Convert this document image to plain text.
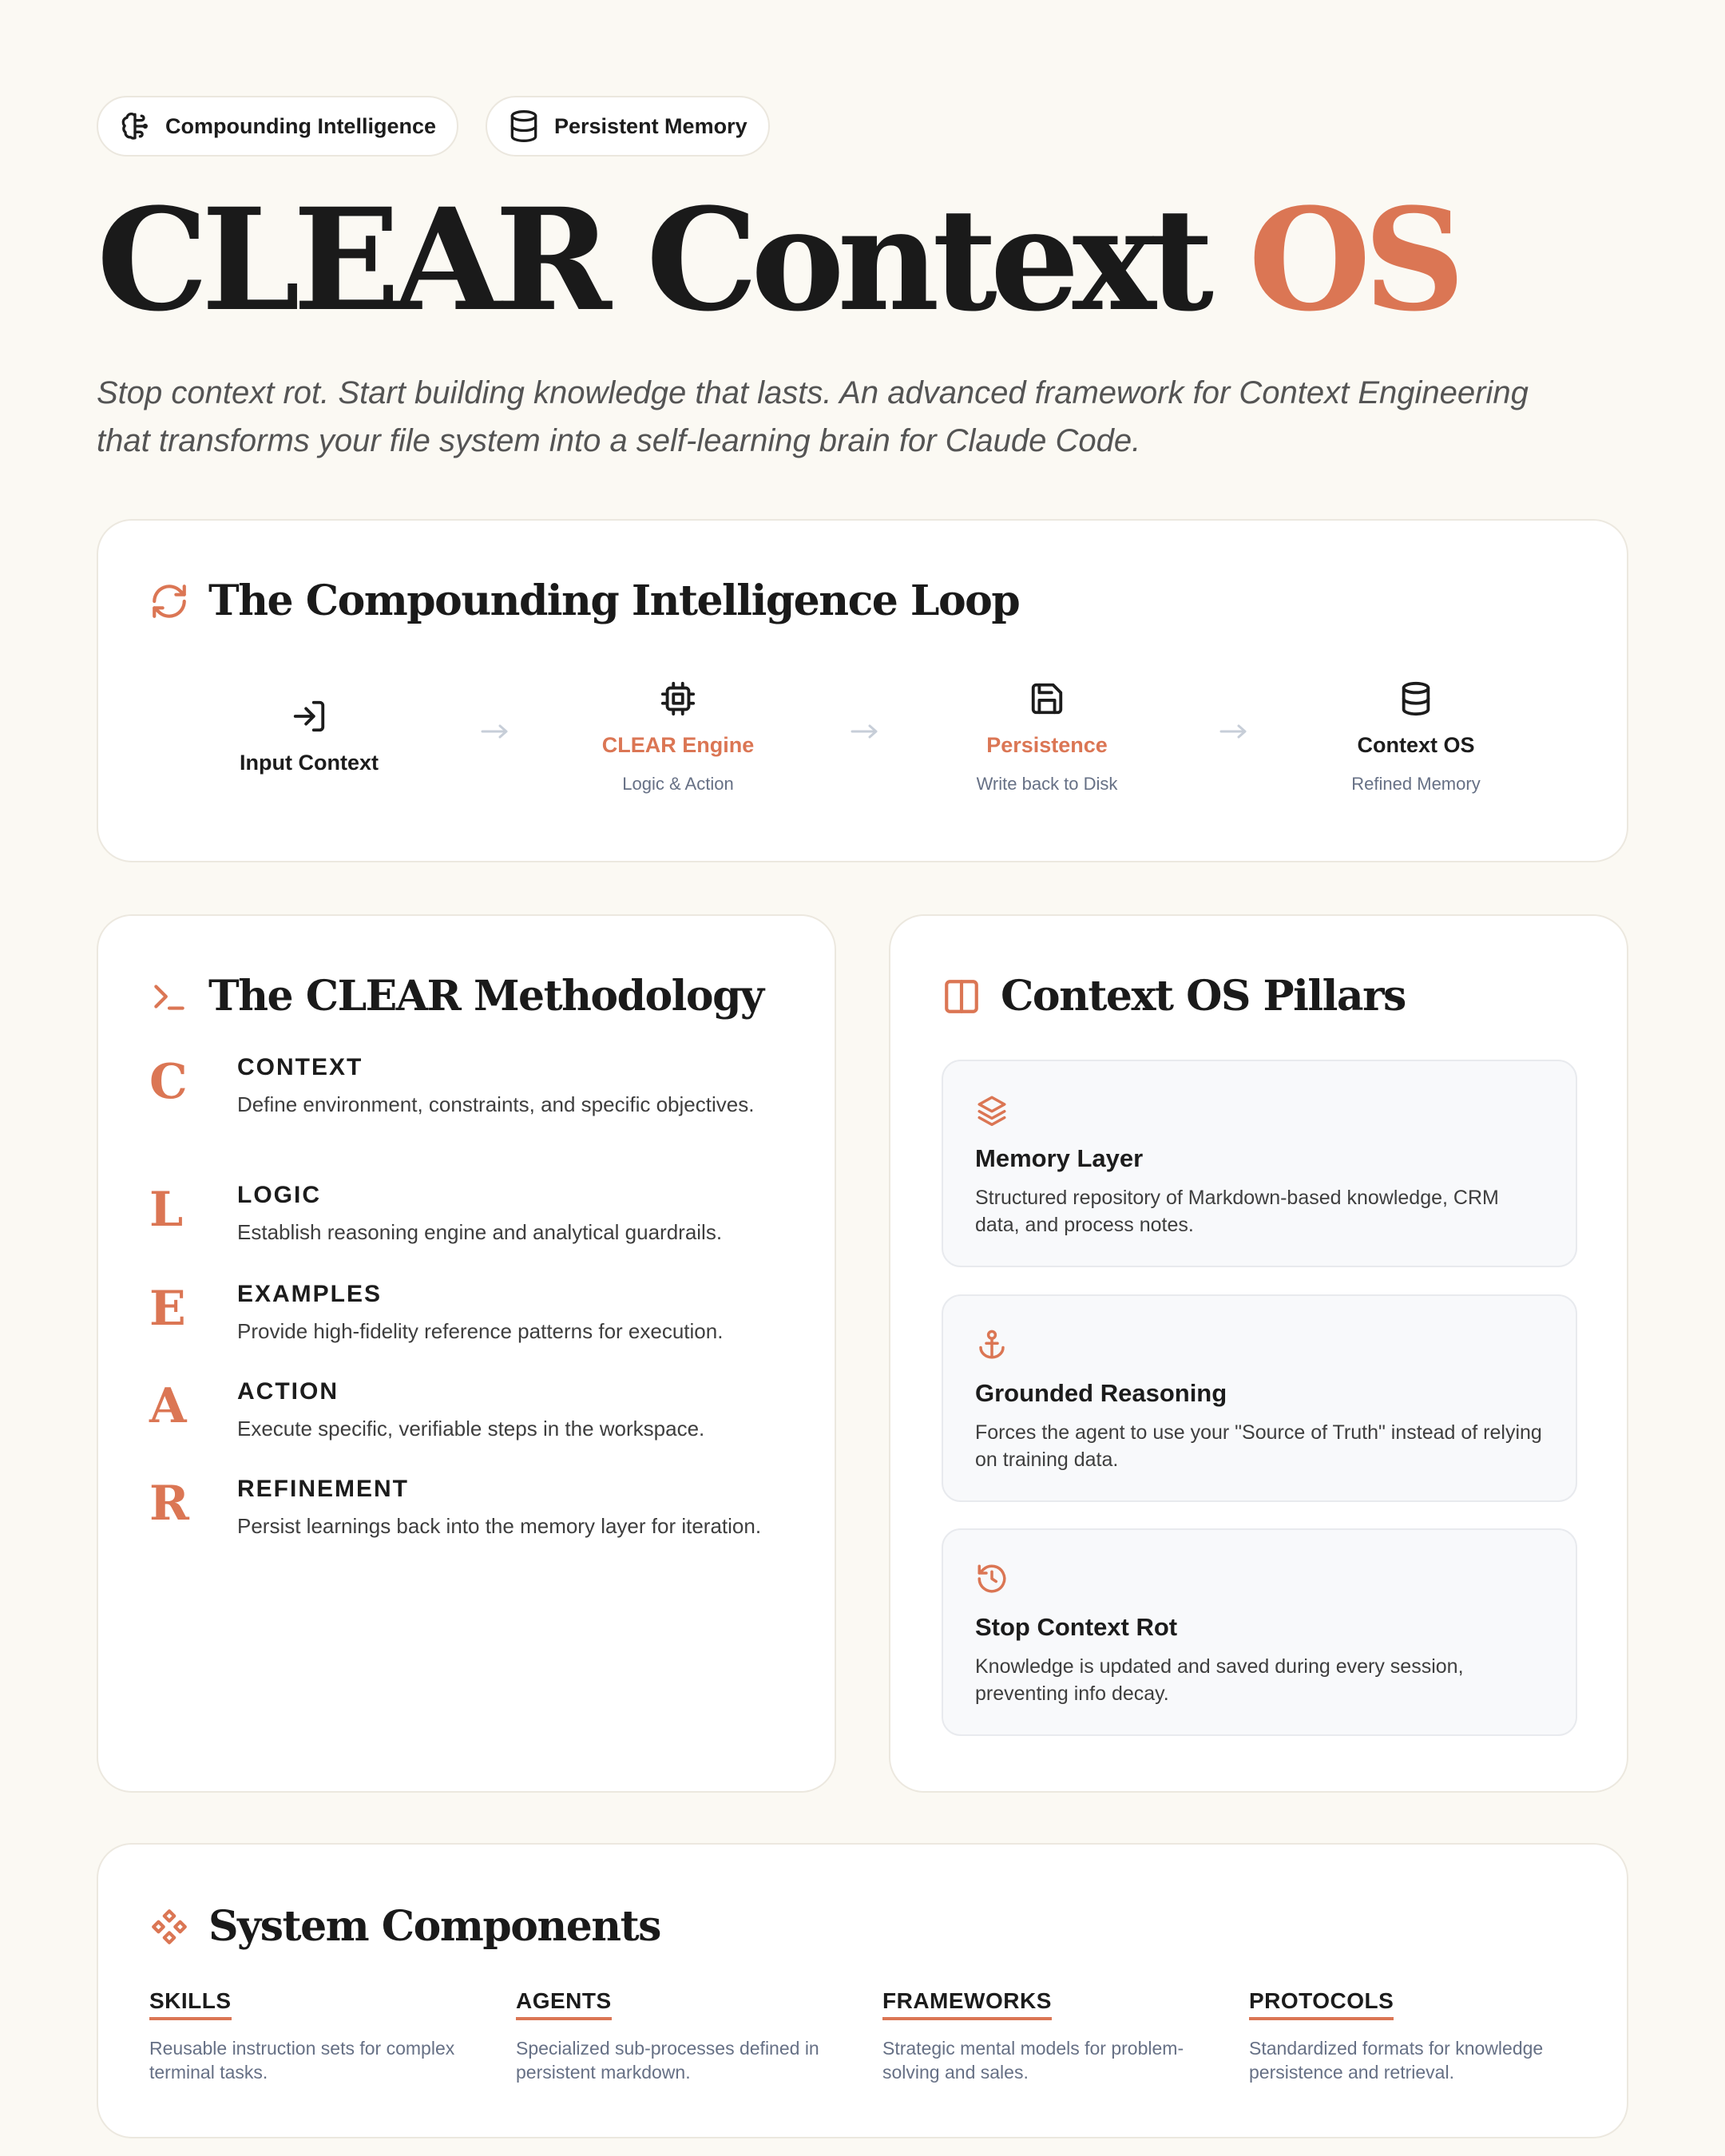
Compounding Intelligence	Persistent Memory
CLEAR Context OS

Stop context rot. Start building knowledge that lasts. An advanced framework for Context Engineering that transforms your file system into a self-learning brain for Claude Code.

The Compounding Intelligence Loop
Input Context
CLEAR Engine
Logic & Action
Persistence
Write back to Disk
Context OS
Refined Memory
The CLEAR Methodology
C CONTEXT
Define environment, constraints, and specific objectives.
L LOGIC
Establish reasoning engine and analytical guardrails.
E EXAMPLES
Provide high-fidelity reference patterns for execution.
A ACTION
Execute specific, verifiable steps in the workspace.
R REFINEMENT
Persist learnings back into the memory layer for iteration.
Context OS Pillars
Memory Layer
Structured repository of Markdown-based knowledge, CRM data, and process notes.
Grounded Reasoning
Forces the agent to use your "Source of Truth" instead of relying on training data.
Stop Context Rot
Knowledge is updated and saved during every session, preventing info decay.
System Components
SKILLS
Reusable instruction sets for complex terminal tasks.
AGENTS
Specialized sub-processes defined in persistent markdown.
FRAMEWORKS
Strategic mental models for problem-solving and sales.
PROTOCOLS
Standardized formats for knowledge persistence and retrieval.
